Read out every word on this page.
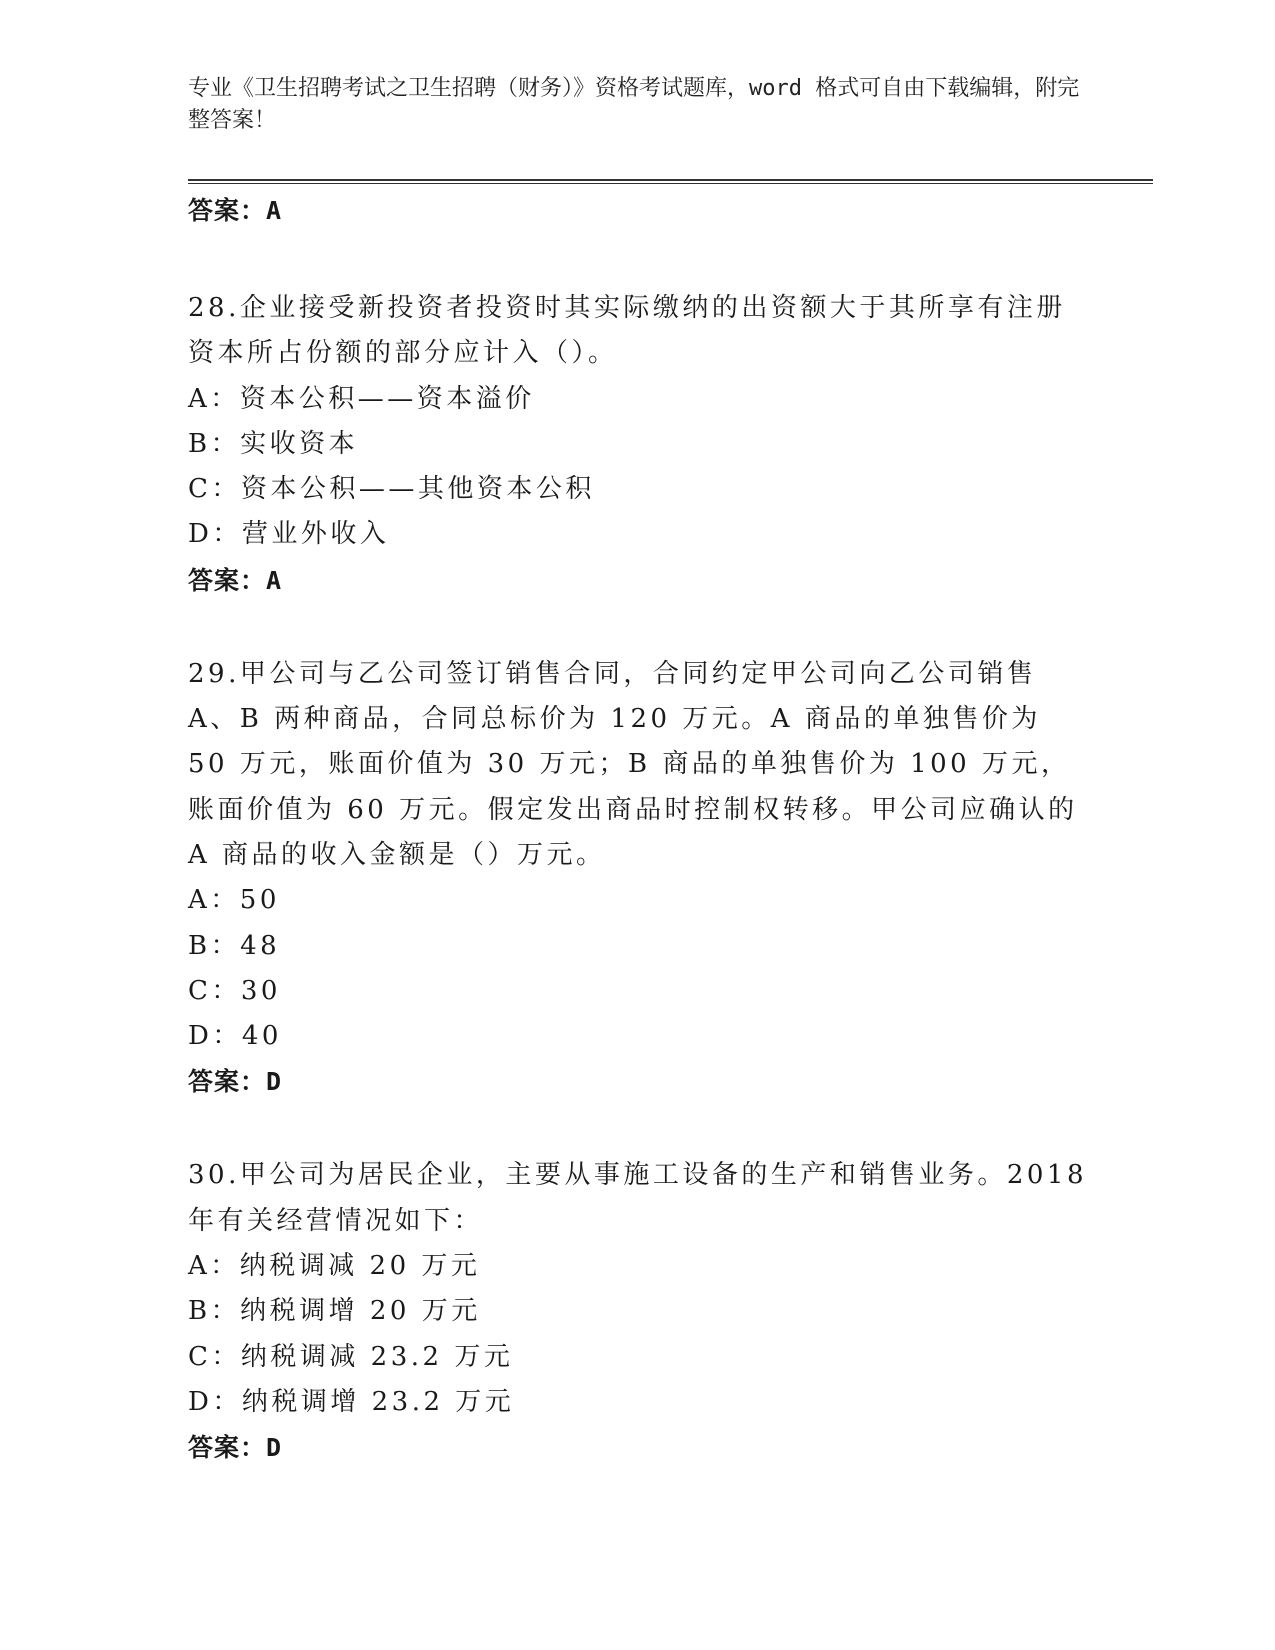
专业《卫生招聘考试之卫生招聘（财务）》资格考试题库，word 格式可自由下载编辑，附完整答案！
答案：A
28.企业接受新投资者投资时其实际缴纳的出资额大于其所享有注册资本所占份额的部分应计入（）。
A：资本公积——资本溢价
B：实收资本
C：资本公积——其他资本公积
D：营业外收入
答案：A
29.甲公司与乙公司签订销售合同，合同约定甲公司向乙公司销售 A、B 两种商品，合同总标价为 120 万元。A 商品的单独售价为 50 万元，账面价值为 30 万元；B 商品的单独售价为 100 万元，账面价值为 60 万元。假定发出商品时控制权转移。甲公司应确认的 A 商品的收入金额是（）万元。
A：50
B：48
C：30
D：40
答案：D
30.甲公司为居民企业，主要从事施工设备的生产和销售业务。2018 年有关经营情况如下：
A：纳税调减 20 万元
B：纳税调增 20 万元
C：纳税调减 23.2 万元
D：纳税调增 23.2 万元
答案：D
